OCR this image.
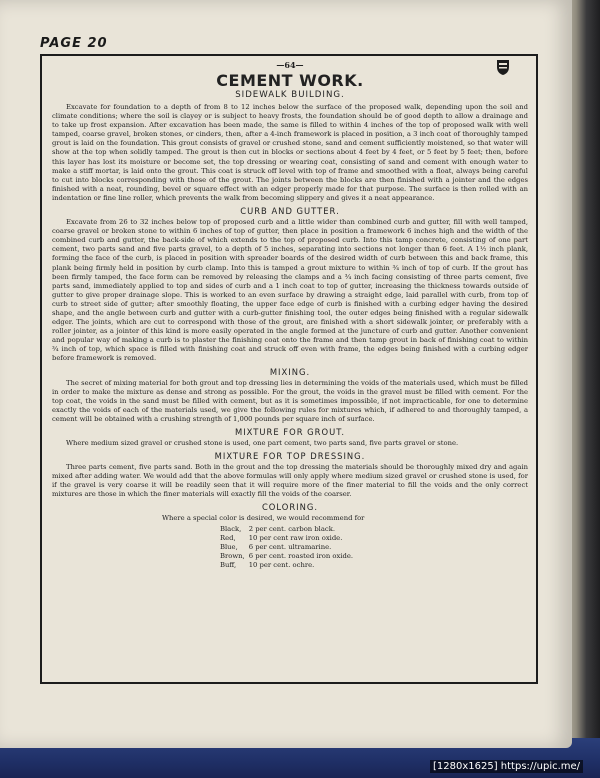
PAGE 20
—64—
CEMENT WORK.
SIDEWALK BUILDING.

Excavate for foundation to a depth of from 8 to 12 inches below the surface of the proposed walk, depending upon the soil and climate conditions; where the soil is clayey or is subject to heavy frosts, the foundation should be of good depth to allow a drainage and to take up frost expansion. After excavation has been made, the same is filled to within 4 inches of the top of proposed walk with well tamped, coarse gravel, broken stones, or cinders, then, after a 4-inch framework is placed in position, a 3 inch coat of thoroughly tamped grout is laid on the foundation. This grout consists of gravel or crushed stone, sand and cement sufficiently moistened, so that water will show at the top when solidly tamped. The grout is then cut in blocks or sections about 4 feet by 4 feet, or 5 feet by 5 feet; then, before this layer has lost its moisture or become set, the top dressing or wearing coat, consisting of sand and cement with enough water to make a stiff mortar, is laid onto the grout. This coat is struck off level with top of frame and smoothed with a float, always being careful to cut into blocks corresponding with those of the grout. The joints between the blocks are then finished with a jointer and the edges finished with a neat, rounding, bevel or square effect with an edger properly made for that purpose. The surface is then rolled with an indentation or fine line roller, which prevents the walk from becoming slippery and gives it a neat appearance.

CURB AND GUTTER.

Excavate from 26 to 32 inches below top of proposed curb and a little wider than combined curb and gutter, fill with well tamped, coarse gravel or broken stone to within 6 inches of top of gutter, then place in position a framework 6 inches high and the width of the combined curb and gutter, the back-side of which extends to the top of proposed curb. Into this tamp concrete, consisting of one part cement, two parts sand and five parts gravel, to a depth of 5 inches, separating into sections not longer than 6 feet. A 1½ inch plank, forming the face of the curb, is placed in position with spreader boards of the desired width of curb between this and back frame, this plank being firmly held in position by curb clamp. Into this is tamped a grout mixture to within ¾ inch of top of curb. If the grout has been firmly tamped, the face form can be removed by releasing the clamps and a ¾ inch facing consisting of three parts cement, five parts sand, immediately applied to top and sides of curb and a 1 inch coat to top of gutter, increasing the thickness towards outside of gutter to give proper drainage slope. This is worked to an even surface by drawing a straight edge, laid parallel with curb, from top of curb to street side of gutter; after smoothly floating, the upper face edge of curb is finished with a curbing edger having the desired shape, and the angle between curb and gutter with a curb-gutter finishing tool, the outer edges being finished with a regular sidewalk edger. The joints, which are cut to correspond with those of the grout, are finished with a short sidewalk jointer, or preferably with a roller jointer, as a jointer of this kind is more easily operated in the angle formed at the juncture of curb and gutter. Another convenient and popular way of making a curb is to plaster the finishing coat onto the frame and then tamp grout in back of finishing coat to within ¾ inch of top, which space is filled with finishing coat and struck off even with frame, the edges being finished with a curbing edger before framework is removed.

MIXING.

The secret of mixing material for both grout and top dressing lies in determining the voids of the materials used, which must be filled in order to make the mixture as dense and strong as possible. For the grout, the voids in the gravel must be filled with cement. For the top coat, the voids in the sand must be filled with cement, but as it is sometimes impossible, if not impracticable, for one to determine exactly the voids of each of the materials used, we give the following rules for mixtures which, if adhered to and thoroughly tamped, a cement will be obtained with a crushing strength of 1,000 pounds per square inch of surface.

MIXTURE FOR GROUT.

Where medium sized gravel or crushed stone is used, one part cement, two parts sand, five parts gravel or stone.

MIXTURE FOR TOP DRESSING.

Three parts cement, five parts sand. Both in the grout and the top dressing the materials should be thoroughly mixed dry and again mixed after adding water. We would add that the above formulas will only apply where medium sized gravel or crushed stone is used, for if the gravel is very coarse it will be readily seen that it will require more of the finer material to fill the voids and the only correct mixtures are those in which the finer materials will exactly fill the voids of the coarser.

COLORING.

Where a special color is desired, we would recommend for

Black,	2 per cent. carbon black.
Red,	10 per cent raw iron oxide.
Blue,	6 per cent. ultramarine.
Brown,	6 per cent. roasted iron oxide.
Buff,	10 per cent. ochre.
[1280x1625] https://upic.me/
